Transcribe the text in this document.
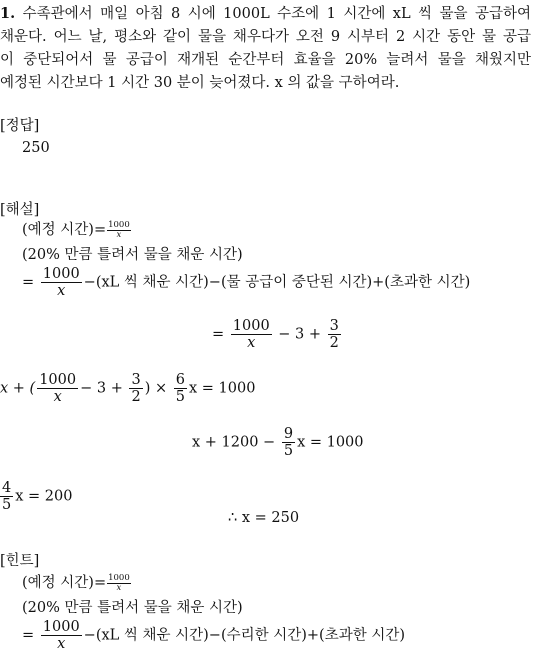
1. 수족관에서 매일 아침 8 시에 1000L 수조에 1 시간에 xL 씩 물을 공급하여
채운다. 어느 날, 평소와 같이 물을 채우다가 오전 9 시부터 2 시간 동안 물 공급
이 중단되어서 물 공급이 재개된 순간부터 효율을 20% 늘려서 물을 채웠지만
예정된 시간보다 1 시간 30 분이 늦어졌다. x 의 값을 구하여라.
[정답]
250
[해설]
(예정 시간)= $\frac{1000}{x}$
(20% 만큼 틀려서 물을 채운 시간)
= $\frac{1000}{x} -(xL$ 씩 채운 시간)−(물 공급이 중단된 시간)+(초과한 시간)
= $\frac{1000}{x} - 3 + \frac{3}{2}$
x + ( $\frac{1000}{x} - 3 + \frac{3}{2}$ ) × $\frac{6}{5}$ x = 1000
$x + 1200 - \frac{9}{5}$ x = 1000
$\frac{4}{5}$ x = 200
∴ x = 250
[힌트]
(예정 시간)= $\frac{1000}{x}$
(20% 만큼 틀려서 물을 채운 시간)
= $\frac{1000}{x} -(xL$ 씩 채운 시간)−(수리한 시간)+(초과한 시간)
